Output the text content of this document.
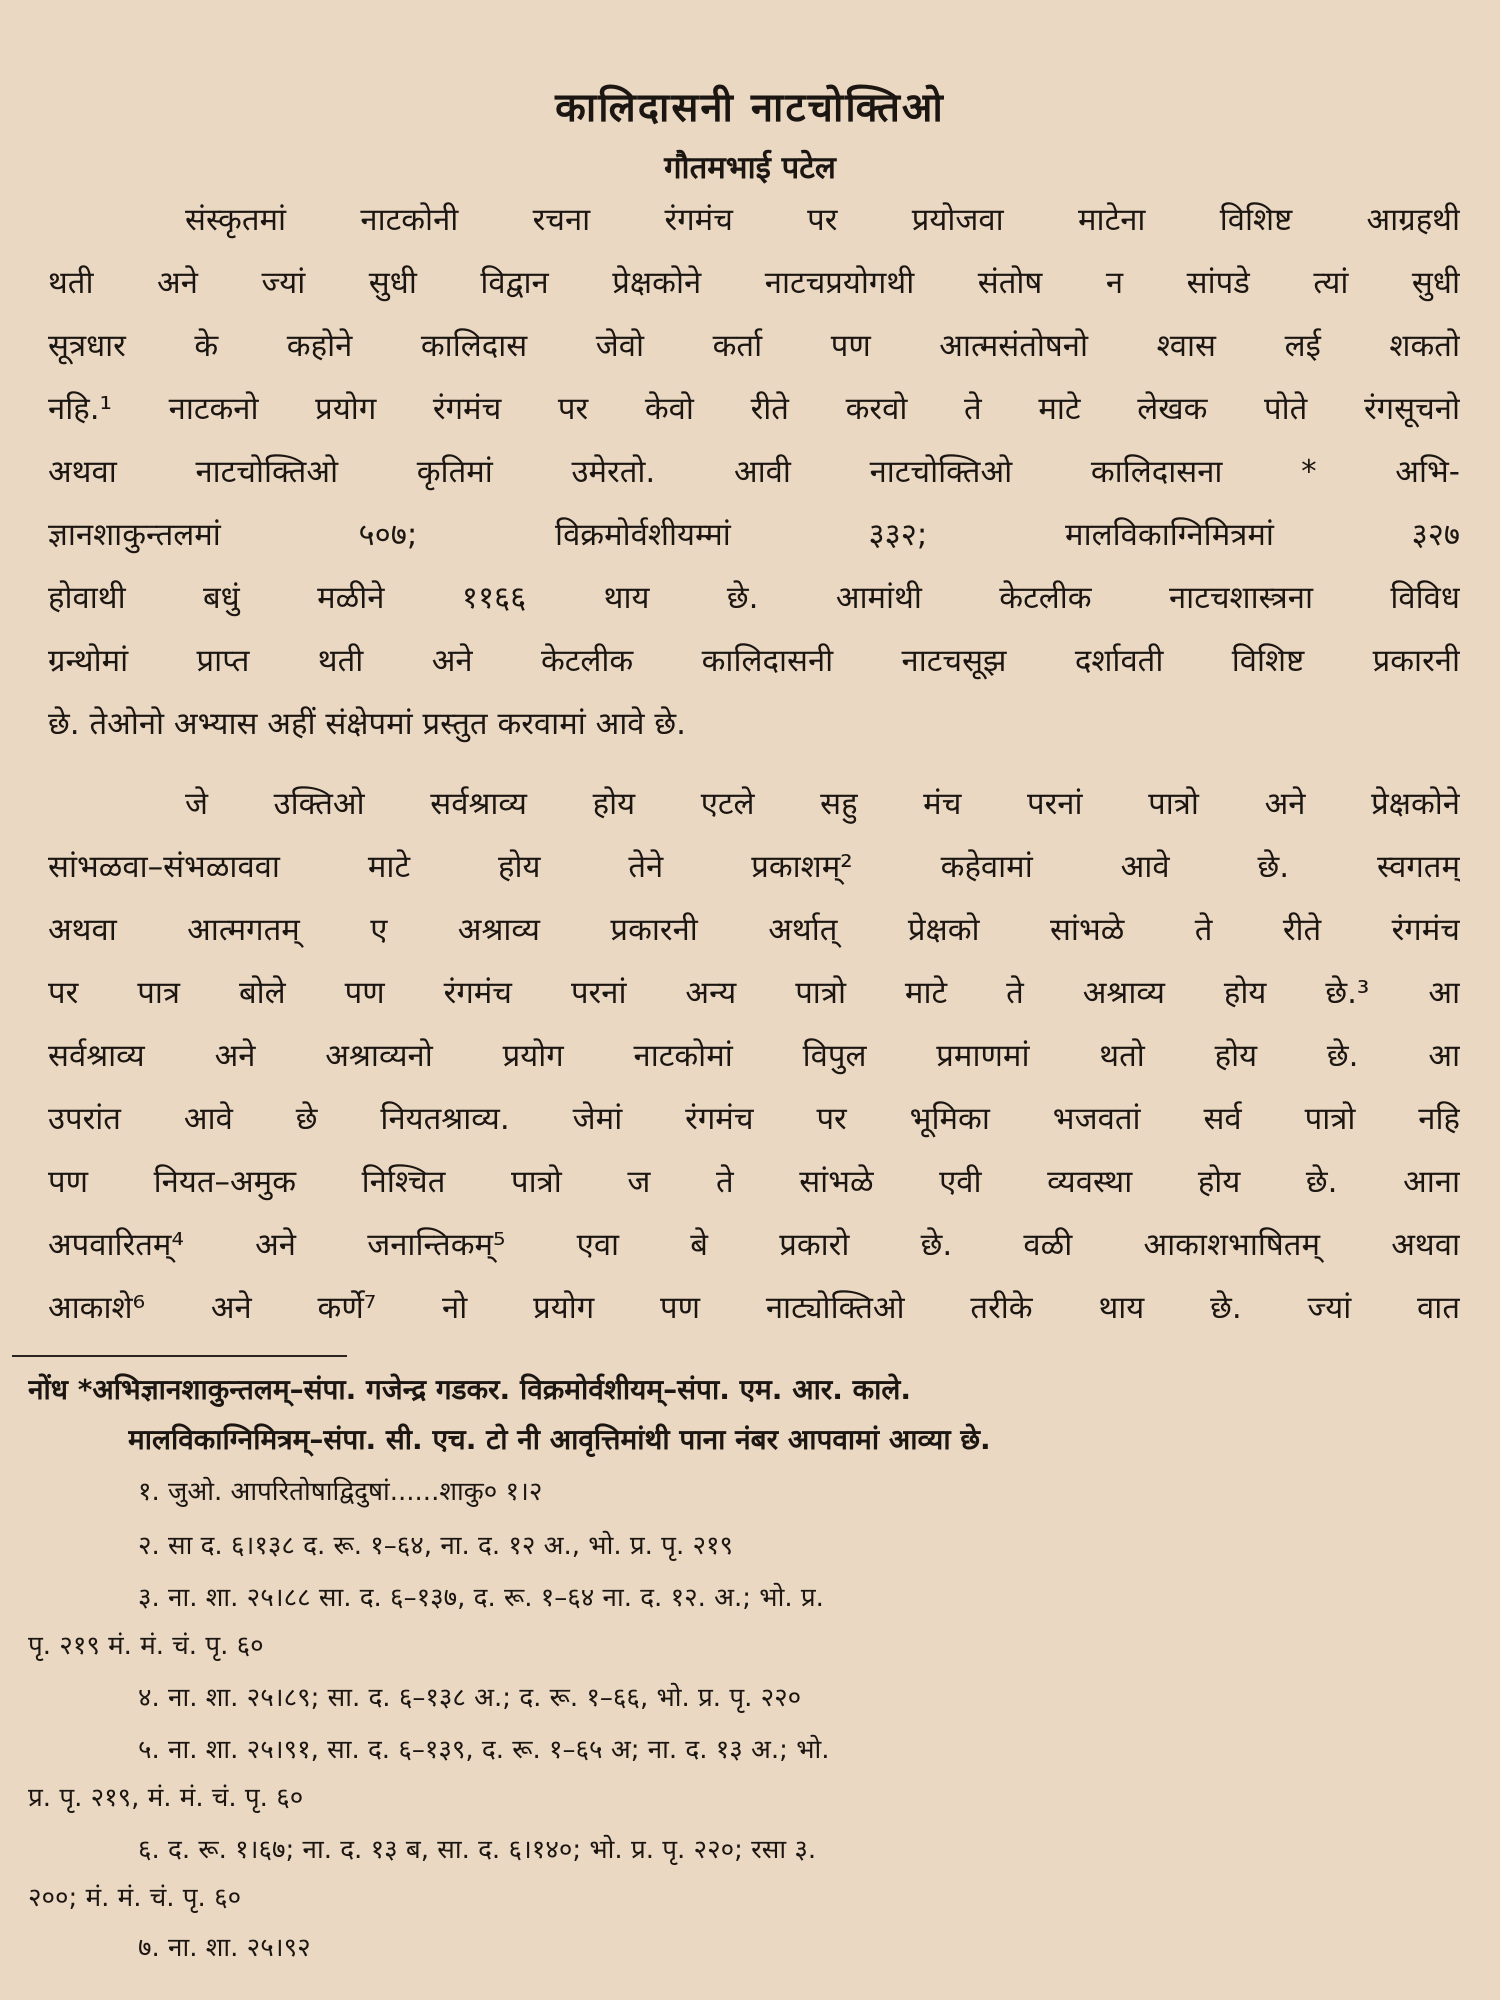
कालिदासनी नाटचोक्तिओ
गौतमभाई पटेल
संस्कृतमां नाटकोनी रचना रंगमंच पर प्रयोजवा माटेना विशिष्ट आग्रहथी
थती अने ज्यां सुधी विद्वान प्रेक्षकोने नाटचप्रयोगथी संतोष न सांपडे त्यां सुधी
सूत्रधार के कहोने कालिदास जेवो कर्ता पण आत्मसंतोषनो श्वास लई शकतो
नहि.¹ नाटकनो प्रयोग रंगमंच पर केवो रीते करवो ते माटे लेखक पोते रंगसूचनो
अथवा नाटचोक्तिओ कृतिमां उमेरतो. आवी नाटचोक्तिओ कालिदासना * अभि-
ज्ञानशाकुन्तलमां ५०७; विक्रमोर्वशीयम्मां ३३२; मालविकाग्निमित्रमां ३२७
होवाथी बधुं मळीने ११६६ थाय छे. आमांथी केटलीक नाटचशास्त्रना विविध
ग्रन्थोमां प्राप्त थती अने केटलीक कालिदासनी नाटचसूझ दर्शावती विशिष्ट प्रकारनी
छे. तेओनो अभ्यास अहीं संक्षेपमां प्रस्तुत करवामां आवे छे.
जे उक्तिओ सर्वश्राव्य होय एटले सहु मंच परनां पात्रो अने प्रेक्षकोने
सांभळवा–संभळाववा माटे होय तेने प्रकाशम्² कहेवामां आवे छे. स्वगतम्
अथवा आत्मगतम् ए अश्राव्य प्रकारनी अर्थात् प्रेक्षको सांभळे ते रीते रंगमंच
पर पात्र बोले पण रंगमंच परनां अन्य पात्रो माटे ते अश्राव्य होय छे.³ आ
सर्वश्राव्य अने अश्राव्यनो प्रयोग नाटकोमां विपुल प्रमाणमां थतो होय छे. आ
उपरांत आवे छे नियतश्राव्य. जेमां रंगमंच पर भूमिका भजवतां सर्व पात्रो नहि
पण नियत–अमुक निश्चित पात्रो ज ते सांभळे एवी व्यवस्था होय छे. आना
अपवारितम्⁴ अने जनान्तिकम्⁵ एवा बे प्रकारो छे. वळी आकाशभाषितम् अथवा
आकाशे⁶ अने कर्णे⁷ नो प्रयोग पण नाट्योक्तिओ तरीके थाय छे. ज्यां वात
नोंध *अभिज्ञानशाकुन्तलम्–संपा. गजेन्द्र गडकर. विक्रमोर्वशीयम्–संपा. एम. आर. काले.
मालविकाग्निमित्रम्–संपा. सी. एच. टो नी आवृत्तिमांथी पाना नंबर आपवामां आव्या छे.
१. जुओ. आपरितोषाद्विदुषां......शाकु० १।२
२. सा द. ६।१३८ द. रू. १–६४, ना. द. १२ अ., भो. प्र. पृ. २१९
३. ना. शा. २५।८८ सा. द. ६–१३७, द. रू. १–६४ ना. द. १२. अ.; भो. प्र.
पृ. २१९ मं. मं. चं. पृ. ६०
४. ना. शा. २५।८९; सा. द. ६–१३८ अ.; द. रू. १–६६, भो. प्र. पृ. २२०
५. ना. शा. २५।९१, सा. द. ६–१३९, द. रू. १–६५ अ; ना. द. १३ अ.; भो.
प्र. पृ. २१९, मं. मं. चं. पृ. ६०
६. द. रू. १।६७; ना. द. १३ ब, सा. द. ६।१४०; भो. प्र. पृ. २२०; रसा ३.
२००; मं. मं. चं. पृ. ६०
७. ना. शा. २५।९२
